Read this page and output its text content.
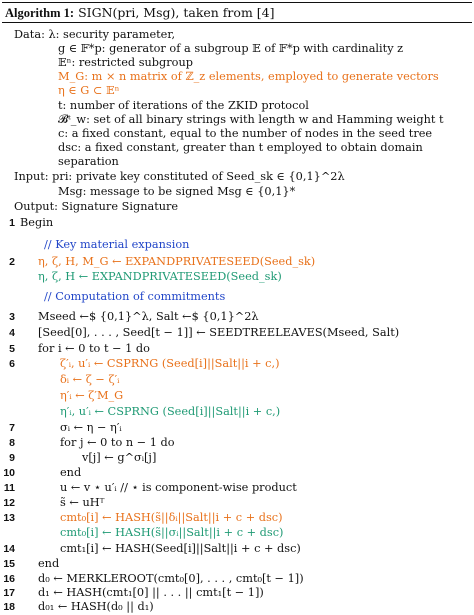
Algorithm 1: SIGN(pri, Msg), taken from [4]
Data: λ: security parameter,
g ∈ 𝔽*p: generator of a subgroup 𝔼 of 𝔽*p with cardinality z
𝔼ⁿ: restricted subgroup
M_G: m × n matrix of ℤ_z elements, employed to generate vectors
η ∈ G ⊂ 𝔼ⁿ
t: number of iterations of the ZKID protocol
𝓑ᵗ_w: set of all binary strings with length w and Hamming weight t
c: a fixed constant, equal to the number of nodes in the seed tree
dsc: a fixed constant, greater than t employed to obtain domain
separation
Input: pri: private key constituted of Seed_sk ∈ {0,1}^2λ
Msg: message to be signed Msg ∈ {0,1}*
Output: Signature Signature
1 Begin
// Key material expansion
2 η, ζ, H, M_G ← EXPANDPRIVATESEED(Seed_sk)
η, ζ, H ← EXPANDPRIVATESEED(Seed_sk)
// Computation of commitments
3 Mseed ←$ {0,1}^λ, Salt ←$ {0,1}^2λ
4 [Seed[0], . . . , Seed[t − 1]] ← SEEDTREELEAVES(Mseed, Salt)
5 for i ← 0 to t − 1 do
6	ζ′ᵢ, u′ᵢ ← CSPRNG (Seed[i]||Salt||i + c,)
δᵢ ← ζ − ζ′ᵢ
η′ᵢ ← ζ′M_G
η′ᵢ, u′ᵢ ← CSPRNG (Seed[i]||Salt||i + c,)
7	σᵢ ← η − η′ᵢ
8	for j ← 0 to n − 1 do
9	v[j] ← g^σᵢ[j]
10	end
11	u ← v ⋆ u′ᵢ // ⋆ is component-wise product
12	s̃ ← uHᵀ
13	cmt₀[i] ← HASH(s̃||δᵢ||Salt||i + c + dsc)
cmt₀[i] ← HASH(s̃||σᵢ||Salt||i + c + dsc)
14	cmt₁[i] ← HASH(Seed[i]||Salt||i + c + dsc)
15 end
16 d₀ ← MERKLEROOT(cmt₀[0], . . . , cmt₀[t − 1])
17 d₁ ← HASH(cmt₁[0] || . . . || cmt₁[t − 1])
18 d₀₁ ← HASH(d₀ || d₁)
